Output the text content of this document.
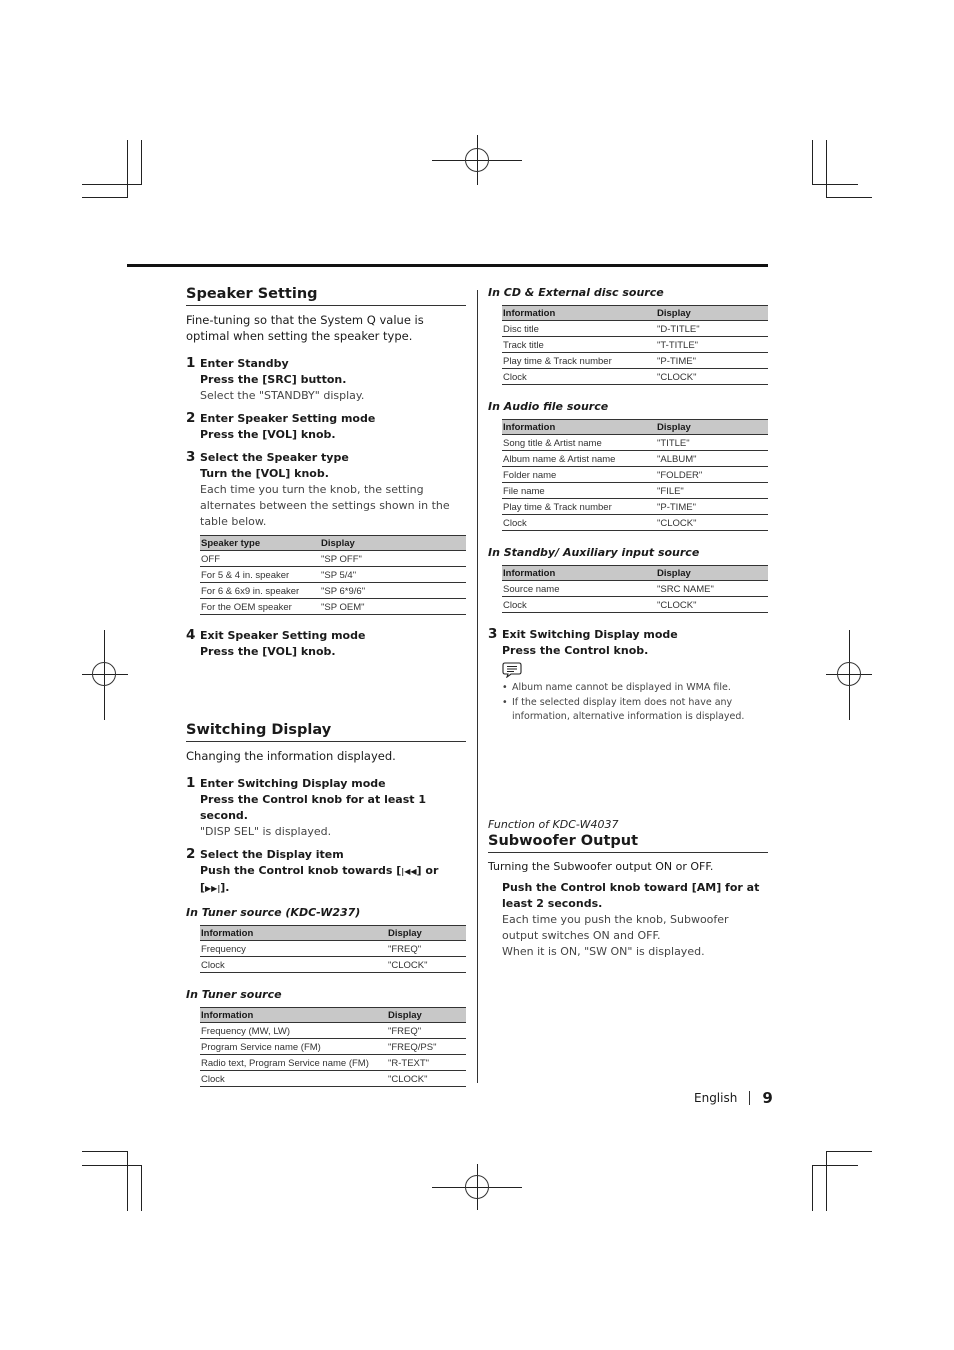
Speaker Setting

Fine-tuning so that the System Q value is optimal when setting the speaker type.

1 Enter Standby
Press the [SRC] button.
Select the "STANDBY" display.
2 Enter Speaker Setting mode
Press the [VOL] knob.
3 Select the Speaker type
Turn the [VOL] knob.
Each time you turn the knob, the setting alternates between the settings shown in the table below.
Speaker type	Display
OFF	"SP OFF"
For 5 & 4 in. speaker	"SP 5/4"
For 6 & 6x9 in. speaker	"SP 6*9/6"
For the OEM speaker	"SP OEM"
4 Exit Speaker Setting mode
Press the [VOL] knob.
Switching Display

Changing the information displayed.

1 Enter Switching Display mode
Press the Control knob for at least 1 second.
"DISP SEL" is displayed.
2 Select the Display item
Push the Control knob towards [|◀◀] or [▶▶|].
In Tuner source (KDC-W237)
Information	Display
Frequency	"FREQ"
Clock	"CLOCK"
In Tuner source
Information	Display
Frequency (MW, LW)	"FREQ"
Program Service name (FM)	"FREQ/PS"
Radio text, Program Service name (FM)	"R-TEXT"
Clock	"CLOCK"
In CD & External disc source
Information	Display
Disc title	"D-TITLE"
Track title	"T-TITLE"
Play time & Track number	"P-TIME"
Clock	"CLOCK"
In Audio file source
Information	Display
Song title & Artist name	"TITLE"
Album name & Artist name	"ALBUM"
Folder name	"FOLDER"
File name	"FILE"
Play time & Track number	"P-TIME"
Clock	"CLOCK"
In Standby/ Auxiliary input source
Information	Display
Source name	"SRC NAME"
Clock	"CLOCK"
3 Exit Switching Display mode
Press the Control knob.
• Album name cannot be displayed in WMA file.
• If the selected display item does not have any information, alternative information is displayed.
Function of KDC-W4037
Subwoofer Output

Turning the Subwoofer output ON or OFF.

Push the Control knob toward [AM] for at least 2 seconds.
Each time you push the knob, Subwoofer output switches ON and OFF.
When it is ON, "SW ON" is displayed.
English 9
